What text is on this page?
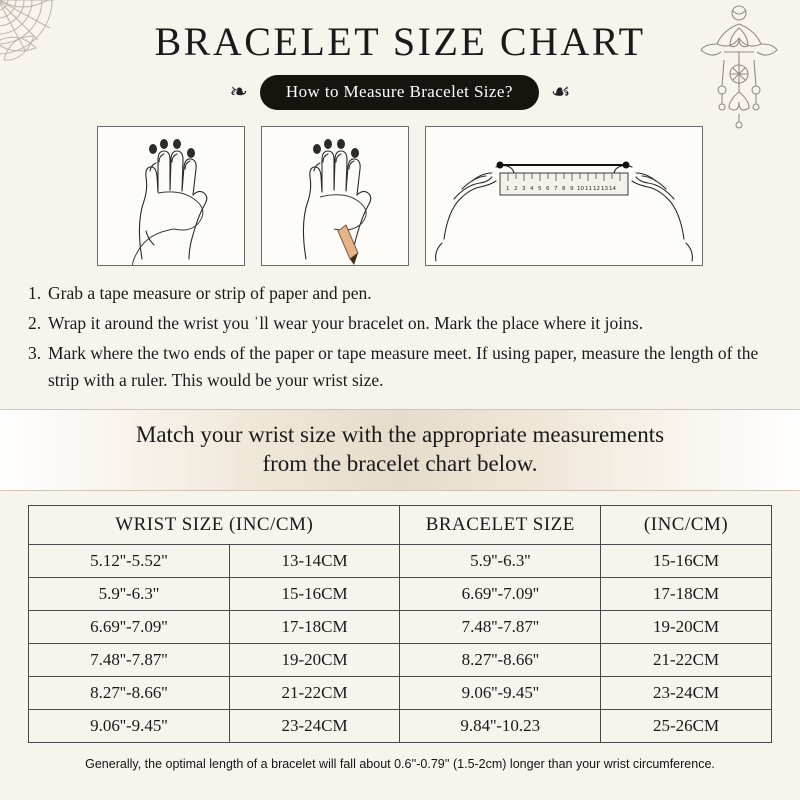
BRACELET SIZE CHART
❧	How to Measure Bracelet Size?	☙
1 2 3 4 5 6 7 8 9 10 11 12 13 14
1. Grab a tape measure or strip of paper and pen.
2. Wrap it around the wrist you ˈll wear your bracelet on. Mark the place where it joins.
3. Mark where the two ends of the paper or tape measure meet. If using paper, measure the length of the strip with a ruler. This would be your wrist size.
Match your wrist size with the appropriate measurements
from the bracelet chart below.
WRIST SIZE (INC/CM)		BRACELET SIZE	(INC/CM)
5.12''-5.52''	13-14CM	5.9''-6.3''	15-16CM
5.9''-6.3''	15-16CM	6.69''-7.09''	17-18CM
6.69''-7.09''	17-18CM	7.48''-7.87''	19-20CM
7.48''-7.87''	19-20CM	8.27''-8.66''	21-22CM
8.27''-8.66''	21-22CM	9.06''-9.45''	23-24CM
9.06''-9.45''	23-24CM	9.84''-10.23	25-26CM
Generally, the optimal length of a bracelet will fall about 0.6''-0.79'' (1.5-2cm) longer than your wrist circumference.
